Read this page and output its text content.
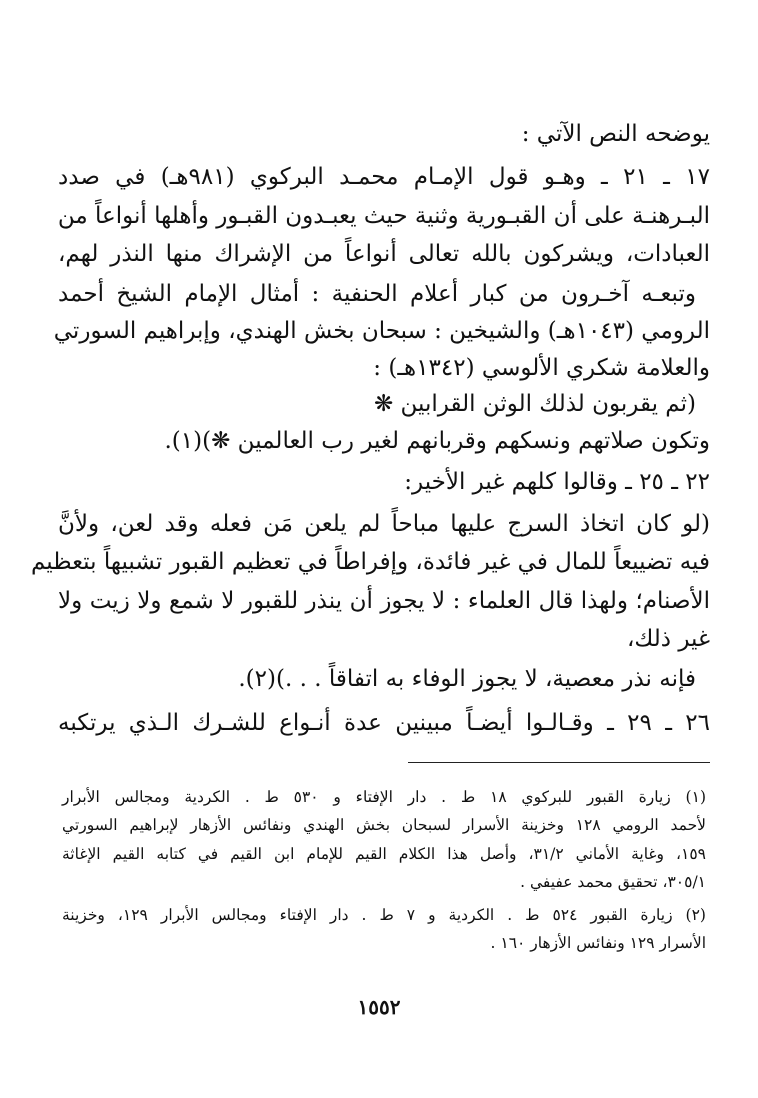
يوضحه النص الآتي :
١٧ ـ ٢١ ـ وهـو قول الإمـام محمـد البركوي (٩٨١هـ) في صدد
البـرهنـة على أن القبـورية وثنية حيث يعبـدون القبـور وأهلها أنواعاً من
العبادات، ويشركون بالله تعالى أنواعاً من الإشراك منها النذر لهم،
وتبعـه آخـرون من كبار أعلام الحنفية : أمثال الإمام الشيخ أحمد
الرومي (١٠٤٣هـ) والشيخين : سبحان بخش الهندي، وإبراهيم السورتي
والعلامة شكري الألوسي (١٣٤٢هـ) :
(ثم يقربون لذلك الوثن القرابين ❋
وتكون صلاتهم ونسكهم وقربانهم لغير رب العالمين ❋)(١).
٢٢ ـ ٢٥ ـ وقالوا كلهم غير الأخير:
(لو كان اتخاذ السرج عليها مباحاً لم يلعن مَن فعله وقد لعن، ولأنَّ
فيه تضييعاً للمال في غير فائدة، وإفراطاً في تعظيم القبور تشبيهاً بتعظيم
الأصنام؛ ولهذا قال العلماء : لا يجوز أن ينذر للقبور لا شمع ولا زيت ولا
غير ذلك،
فإنه نذر معصية، لا يجوز الوفاء به اتفاقاً . . .)(٢).
٢٦ ـ ٢٩ ـ وقـالـوا أيضـاً مبينين عدة أنـواع للشـرك الـذي يرتكبه
(١) زيارة القبور للبركوي ١٨ ط . دار الإفتاء و ٥٣٠ ط . الكردية ومجالس الأبرار
لأحمد الرومي ١٢٨ وخزينة الأسرار لسبحان بخش الهندي ونفائس الأزهار لإبراهيم السورتي
١٥٩، وغاية الأماني ٣١/٢، وأصل هذا الكلام القيم للإمام ابن القيم في كتابه القيم الإغاثة
٣٠٥/١، تحقيق محمد عفيفي .
(٢) زيارة القبور ٥٢٤ ط . الكردية و ٧ ط . دار الإفتاء ومجالس الأبرار ١٢٩، وخزينة
الأسرار ١٢٩ ونفائس الأزهار ١٦٠ .
١٥٥٢
